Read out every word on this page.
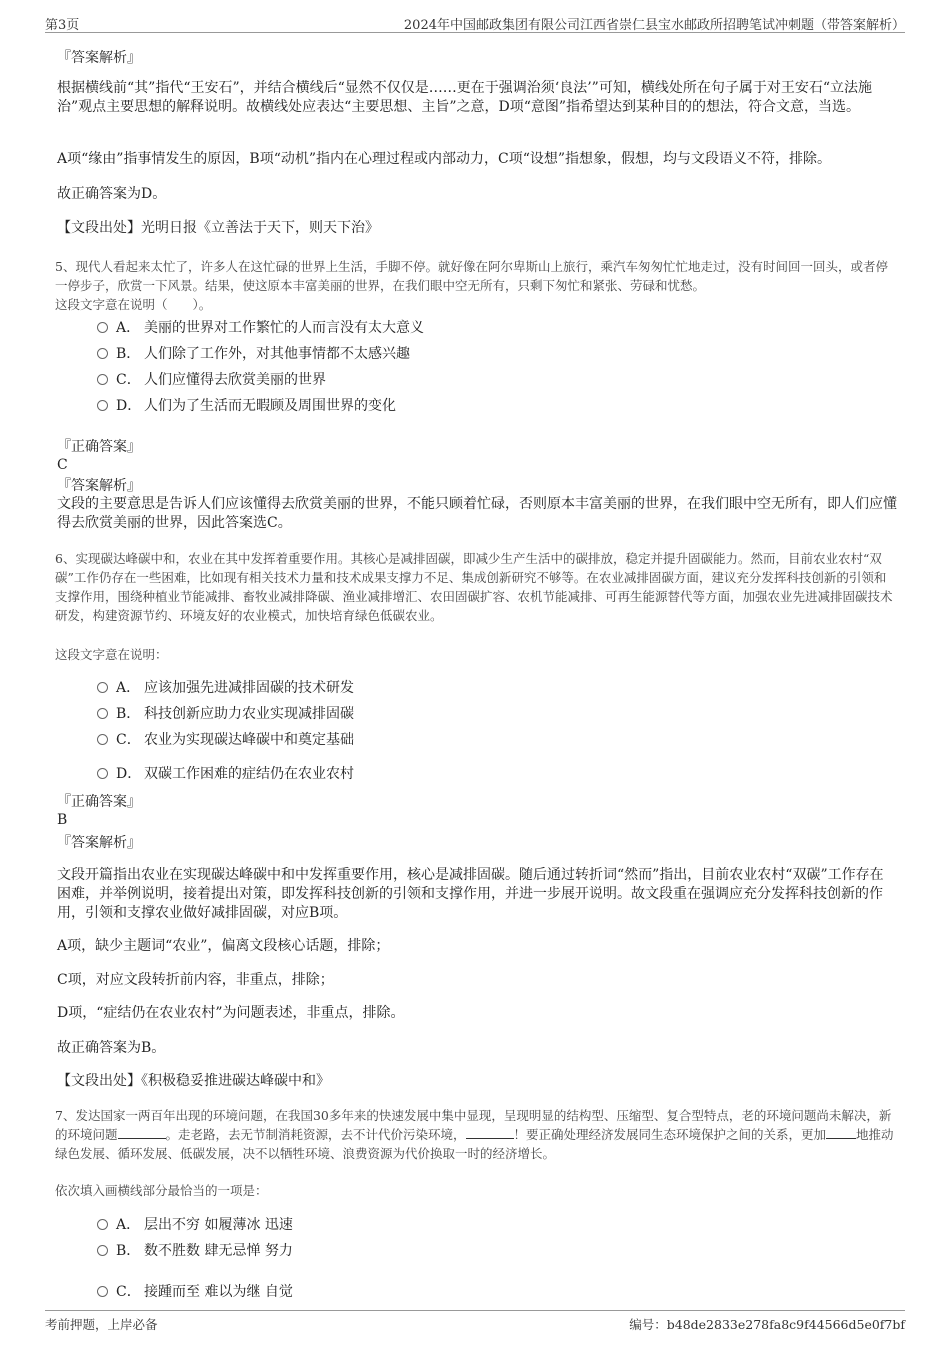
第3页	2024年中国邮政集团有限公司江西省崇仁县宝水邮政所招聘笔试冲刺题（带答案解析）
『答案解析』
根据横线前“其”指代“王安石”，并结合横线后“显然不仅仅是……更在于强调治须‘良法’”可知，横线处所在句子属于对王安石“立法施治”观点主要思想的解释说明。故横线处应表达“主要思想、主旨”之意，D项“意图”指希望达到某种目的的想法，符合文意，当选。
A项“缘由”指事情发生的原因，B项“动机”指内在心理过程或内部动力，C项“设想”指想象，假想，均与文段语义不符，排除。
故正确答案为D。
【文段出处】光明日报《立善法于天下，则天下治》
5、现代人看起来太忙了，许多人在这忙碌的世界上生活，手脚不停。就好像在阿尔卑斯山上旅行，乘汽车匆匆忙忙地走过，没有时间回一回头，或者停一停步子，欣赏一下风景。结果，使这原本丰富美丽的世界，在我们眼中空无所有，只剩下匆忙和紧张、劳碌和忧愁。
这段文字意在说明（　　）。
A． 美丽的世界对工作繁忙的人而言没有太大意义
B． 人们除了工作外，对其他事情都不太感兴趣
C． 人们应懂得去欣赏美丽的世界
D． 人们为了生活而无暇顾及周围世界的变化
『正确答案』
C
『答案解析』
文段的主要意思是告诉人们应该懂得去欣赏美丽的世界，不能只顾着忙碌，否则原本丰富美丽的世界，在我们眼中空无所有，即人们应懂得去欣赏美丽的世界，因此答案选C。
6、实现碳达峰碳中和，农业在其中发挥着重要作用。其核心是减排固碳，即减少生产生活中的碳排放，稳定并提升固碳能力。然而，目前农业农村“双碳”工作仍存在一些困难，比如现有相关技术力量和技术成果支撑力不足、集成创新研究不够等。在农业减排固碳方面，建议充分发挥科技创新的引领和支撑作用，围绕种植业节能减排、畜牧业减排降碳、渔业减排增汇、农田固碳扩容、农机节能减排、可再生能源替代等方面，加强农业先进减排固碳技术研发，构建资源节约、环境友好的农业模式，加快培育绿色低碳农业。
这段文字意在说明：
A． 应该加强先进减排固碳的技术研发
B． 科技创新应助力农业实现减排固碳
C． 农业为实现碳达峰碳中和奠定基础
D． 双碳工作困难的症结仍在农业农村
『正确答案』
B
『答案解析』
文段开篇指出农业在实现碳达峰碳中和中发挥重要作用，核心是减排固碳。随后通过转折词“然而”指出，目前农业农村“双碳”工作存在困难，并举例说明，接着提出对策，即发挥科技创新的引领和支撑作用，并进一步展开说明。故文段重在强调应充分发挥科技创新的作用，引领和支撑农业做好减排固碳，对应B项。
A项，缺少主题词“农业”，偏离文段核心话题，排除；
C项，对应文段转折前内容，非重点，排除；
D项，“症结仍在农业农村”为问题表述，非重点，排除。
故正确答案为B。
【文段出处】《积极稳妥推进碳达峰碳中和》
7、发达国家一两百年出现的环境问题，在我国30多年来的快速发展中集中显现，呈现明显的结构型、压缩型、复合型特点，老的环境问题尚未解决，新的环境问题	。走老路，去无节制消耗资源，去不计代价污染环境，	！要正确处理经济发展同生态环境保护之间的关系，更加 地推动绿色发展、循环发展、低碳发展，决不以牺牲环境、浪费资源为代价换取一时的经济增长。
依次填入画横线部分最恰当的一项是：
A． 层出不穷 如履薄冰 迅速
B． 数不胜数 肆无忌惮 努力
C． 接踵而至 难以为继 自觉
考前押题，上岸必备	编号：b48de2833e278fa8c9f44566d5e0f7bf
